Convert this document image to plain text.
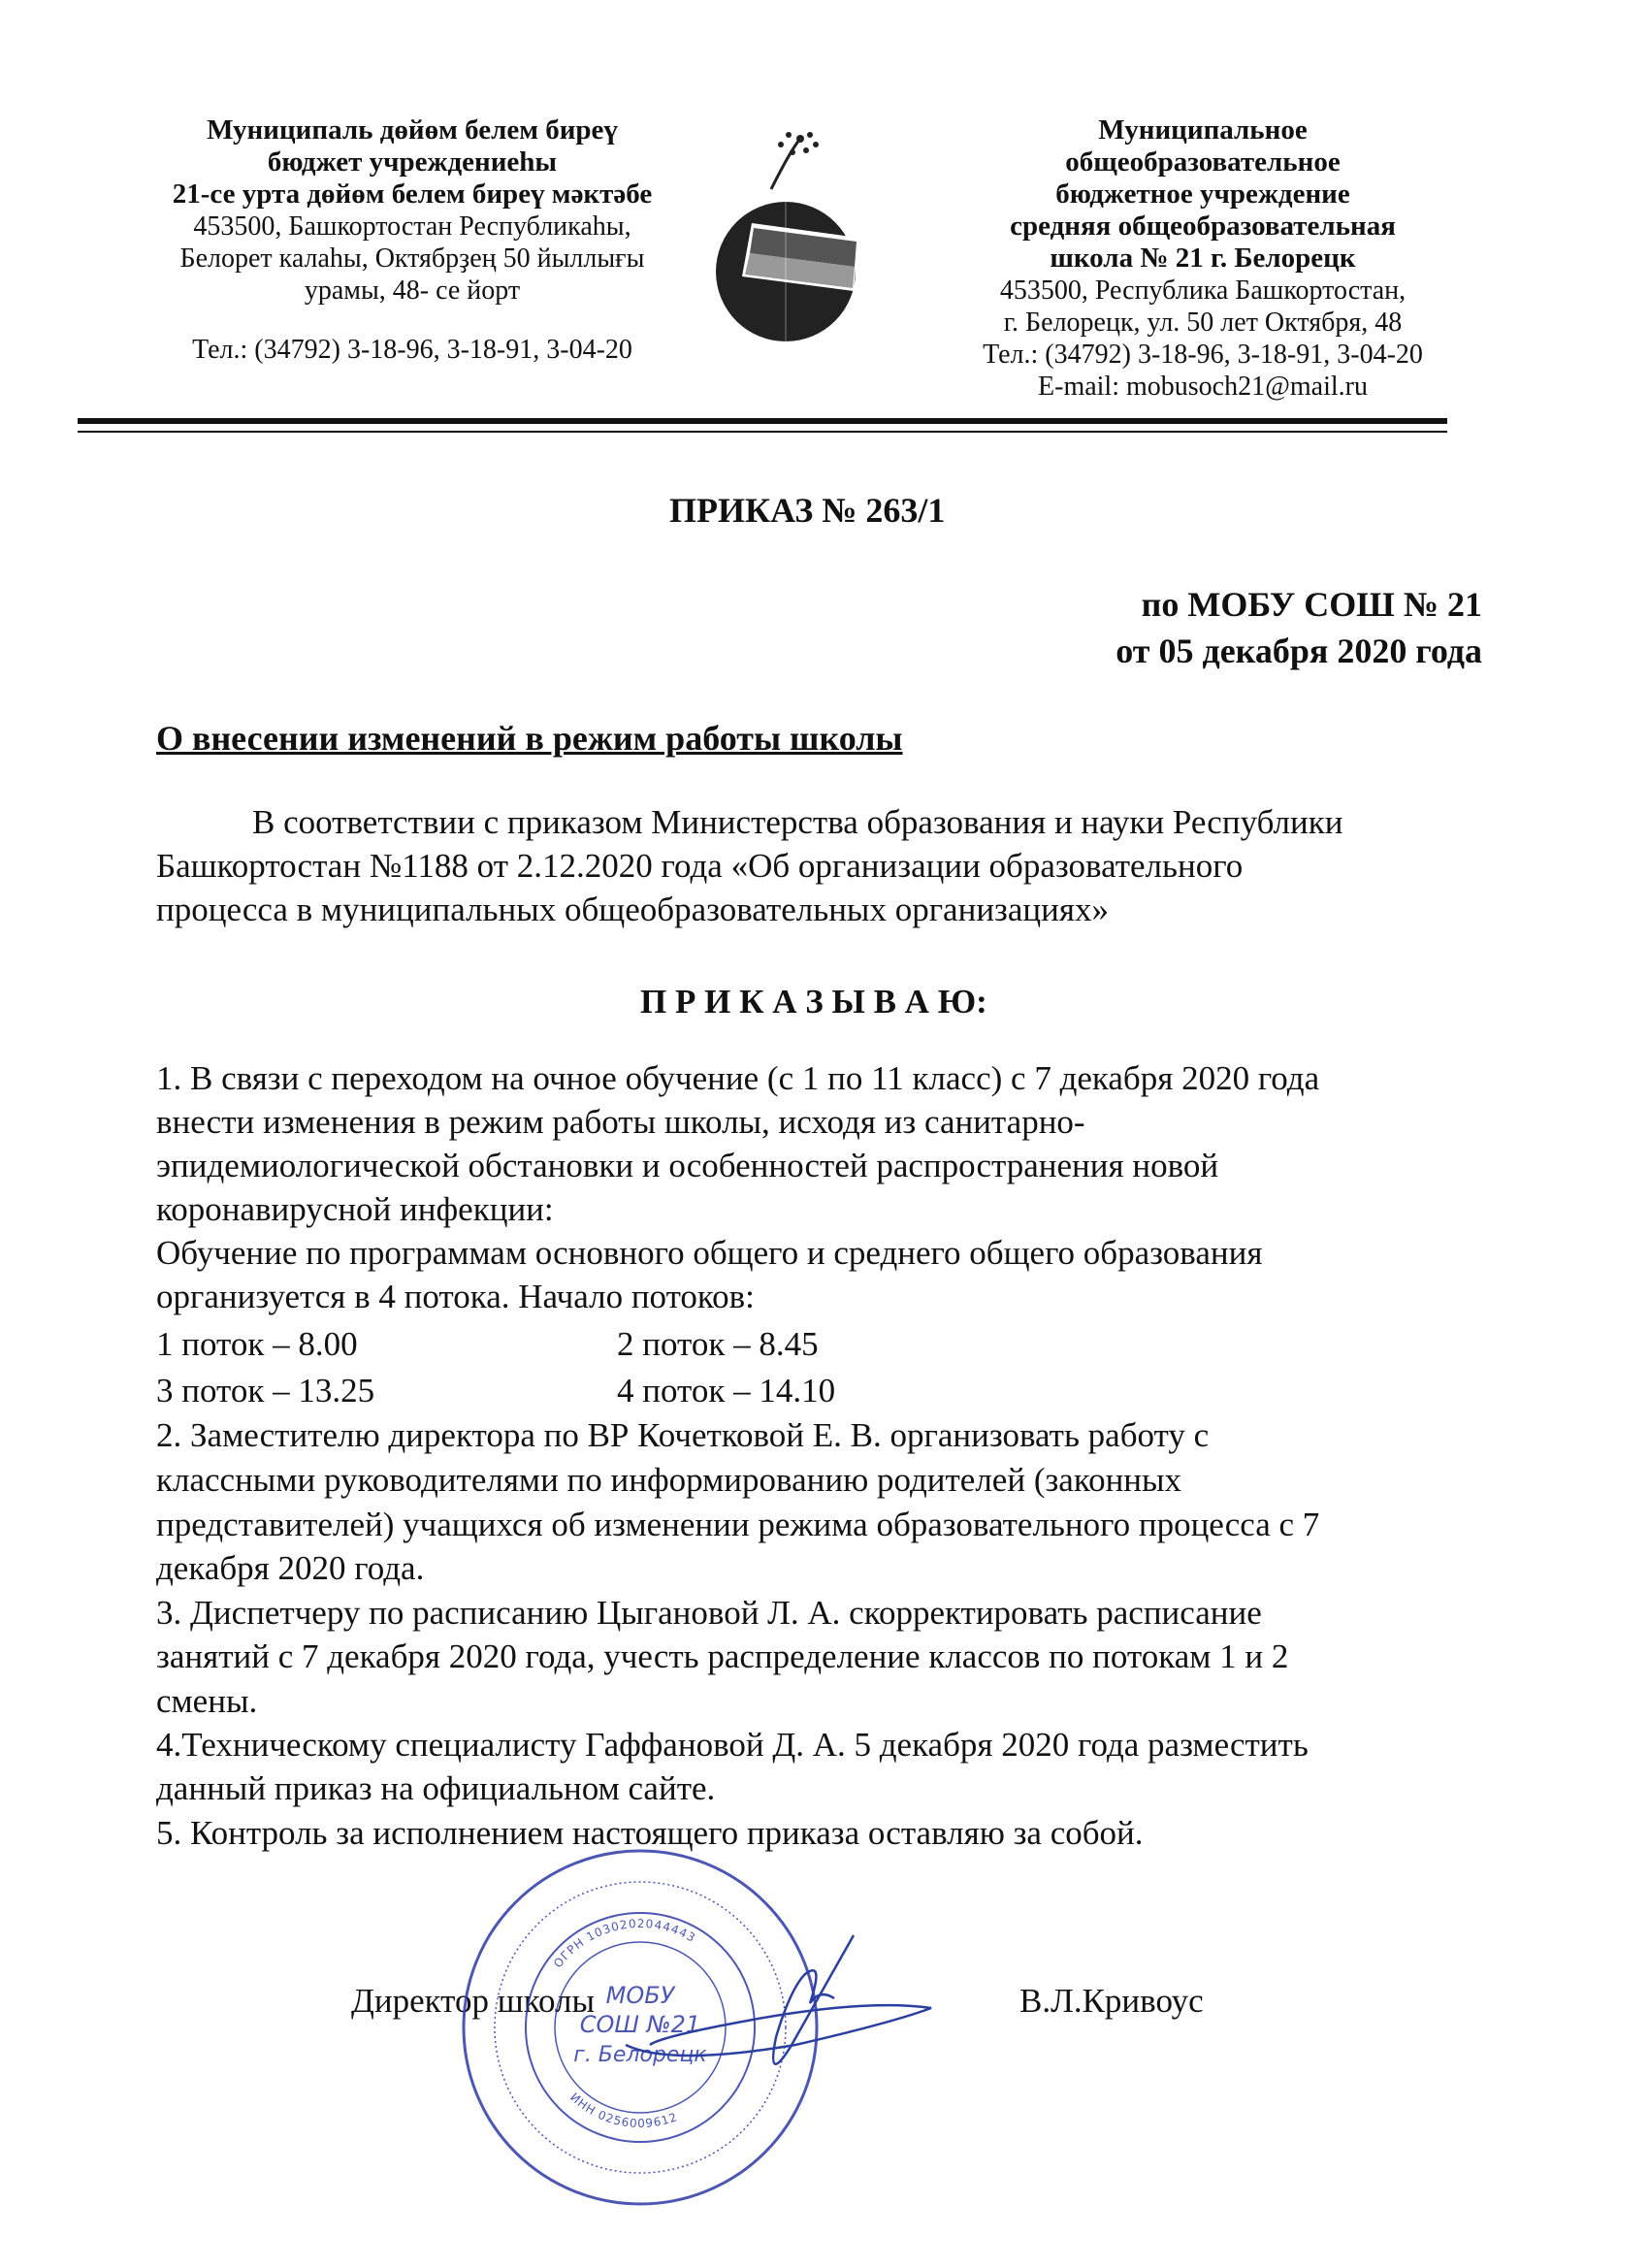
Муниципаль дөйөм белем биреү
бюджет учреждениеһы
21-се урта дөйөм белем биреү мәктәбе
453500, Башкортостан Республикаһы,
Белорет калаһы, Октябрҙең 50 йыллығы
урамы, 48- се йорт
Тел.: (34792) 3-18-96, 3-18-91, 3-04-20
Муниципальное
общеобразовательное
бюджетное учреждение
средняя общеобразовательная
школа № 21 г. Белорецк
453500, Республика Башкортостан,
г. Белорецк, ул. 50 лет Октября, 48
Тел.: (34792) 3-18-96, 3-18-91, 3-04-20
E-mail: mobusoch21@mail.ru
ПРИКАЗ № 263/1
по МОБУ СОШ № 21
от 05 декабря 2020 года
О внесении изменений в режим работы школы
В соответствии с приказом Министерства образования и науки Республики
Башкортостан №1188 от 2.12.2020 года «Об организации образовательного
процесса в муниципальных общеобразовательных организациях»
П Р И К А З Ы В А Ю:
1. В связи с переходом на очное обучение (с 1 по 11 класс) с 7 декабря 2020 года
внести изменения в режим работы школы, исходя из санитарно-
эпидемиологической обстановки и особенностей распространения новой
коронавирусной инфекции:
Обучение по программам основного общего и среднего общего образования
организуется в 4 потока. Начало потоков:
1 поток – 8.00	2 поток – 8.45
3 поток – 13.25	4 поток – 14.10
2. Заместителю директора по ВР Кочетковой Е. В. организовать работу с
классными руководителями по информированию родителей (законных
представителей) учащихся об изменении режима образовательного процесса с 7
декабря 2020 года.
3. Диспетчеру по расписанию Цыгановой Л. А. скорректировать расписание
занятий с 7 декабря 2020 года, учесть распределение классов по потокам 1 и 2
смены.
4.Техническому специалисту Гаффановой Д. А. 5 декабря 2020 года разместить
данный приказ на официальном сайте.
5. Контроль за исполнением настоящего приказа оставляю за собой.
Директор школы	В.Л.Кривоус
ОГРН 1030202044443
ИНН 0256009612
МОБУ
СОШ №21
г. Белорецк
